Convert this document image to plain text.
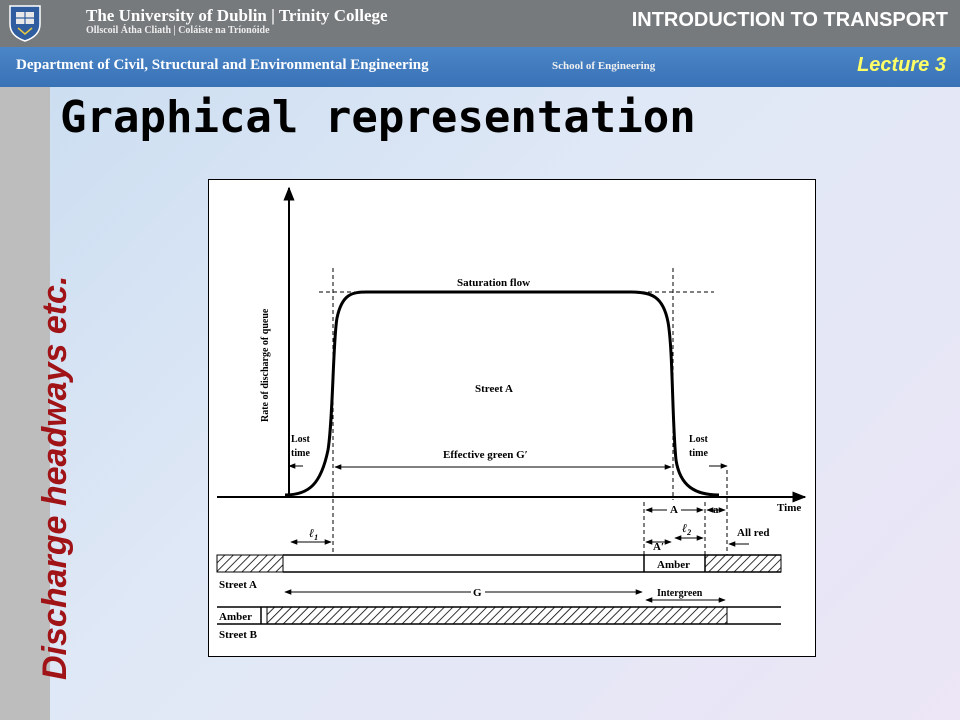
The University of Dublin | Trinity College
Ollscoil Átha Cliath | Coláiste na Tríonóide	INTRODUCTION TO TRANSPORT
Department of Civil, Structural and Environmental Engineering	School of Engineering	Lecture 3
Discharge headways etc.
Graphical representation
Rate of discharge of queue
Saturation flow
Street A
Lost
time
Lost
time
Effective green G′
Time
A	a
ℓ$_1$
ℓ$_2$
A′
All red
Amber
Street A
G	Intergreen
Amber
Street B
